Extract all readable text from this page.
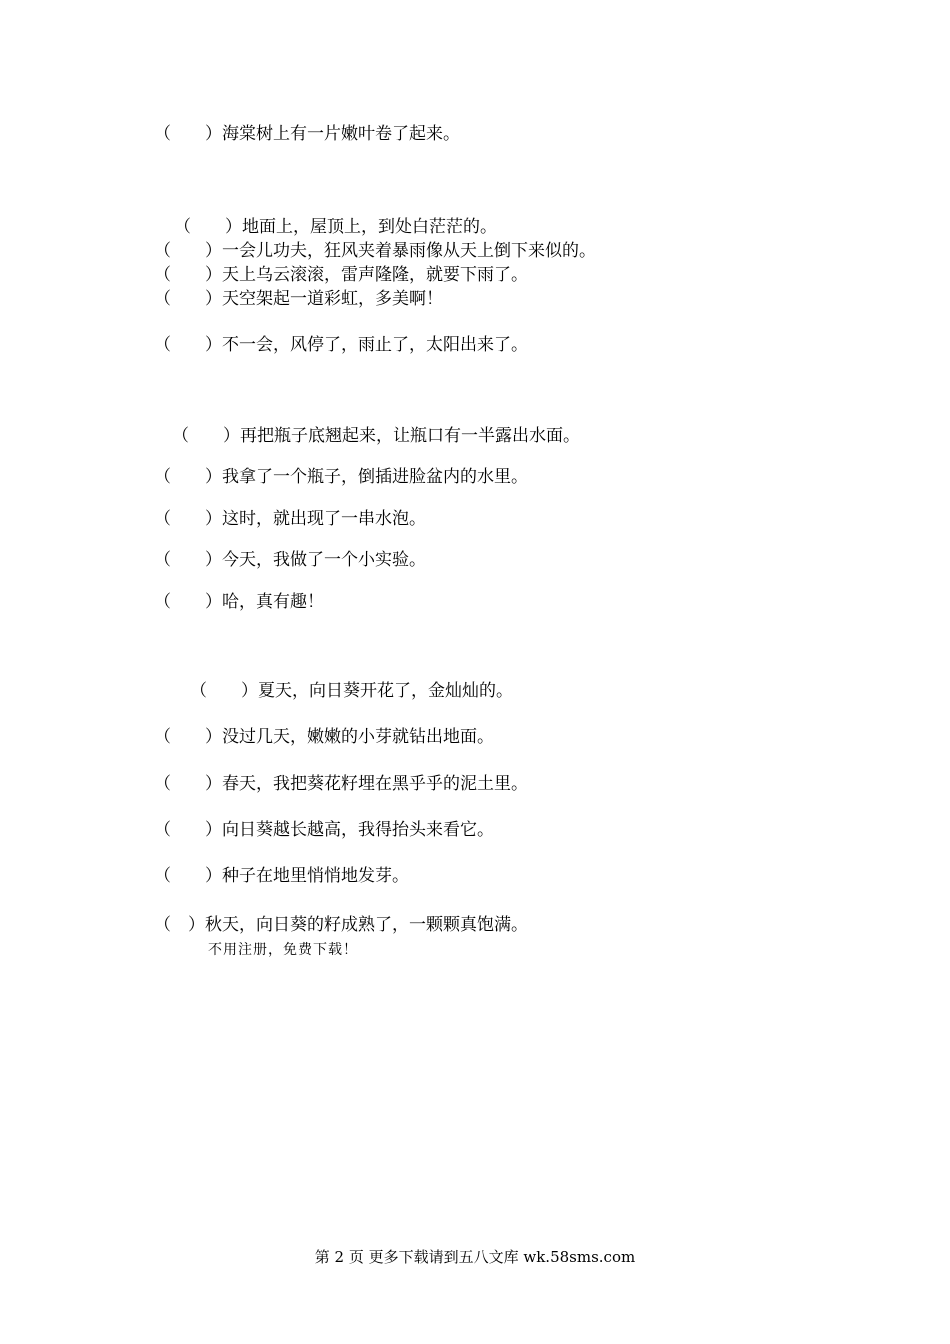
（　　）海棠树上有一片嫩叶卷了起来。
（　　）地面上，屋顶上，到处白茫茫的。
（　　）一会儿功夫，狂风夹着暴雨像从天上倒下来似的。
（　　）天上乌云滚滚，雷声隆隆，就要下雨了。
（　　）天空架起一道彩虹，多美啊！
（　　）不一会，风停了，雨止了，太阳出来了。
（　　）再把瓶子底翘起来，让瓶口有一半露出水面。
（　　）我拿了一个瓶子，倒插进脸盆内的水里。
（　　）这时，就出现了一串水泡。
（　　）今天，我做了一个小实验。
（　　）哈，真有趣！
（　　）夏天，向日葵开花了，金灿灿的。
（　　）没过几天，嫩嫩的小芽就钻出地面。
（　　）春天，我把葵花籽埋在黑乎乎的泥土里。
（　　）向日葵越长越高，我得抬头来看它。
（　　）种子在地里悄悄地发芽。
（　）秋天，向日葵的籽成熟了，一颗颗真饱满。
不用注册，免费下载！
第 2 页 更多下载请到五八文库 wk.58sms.com
